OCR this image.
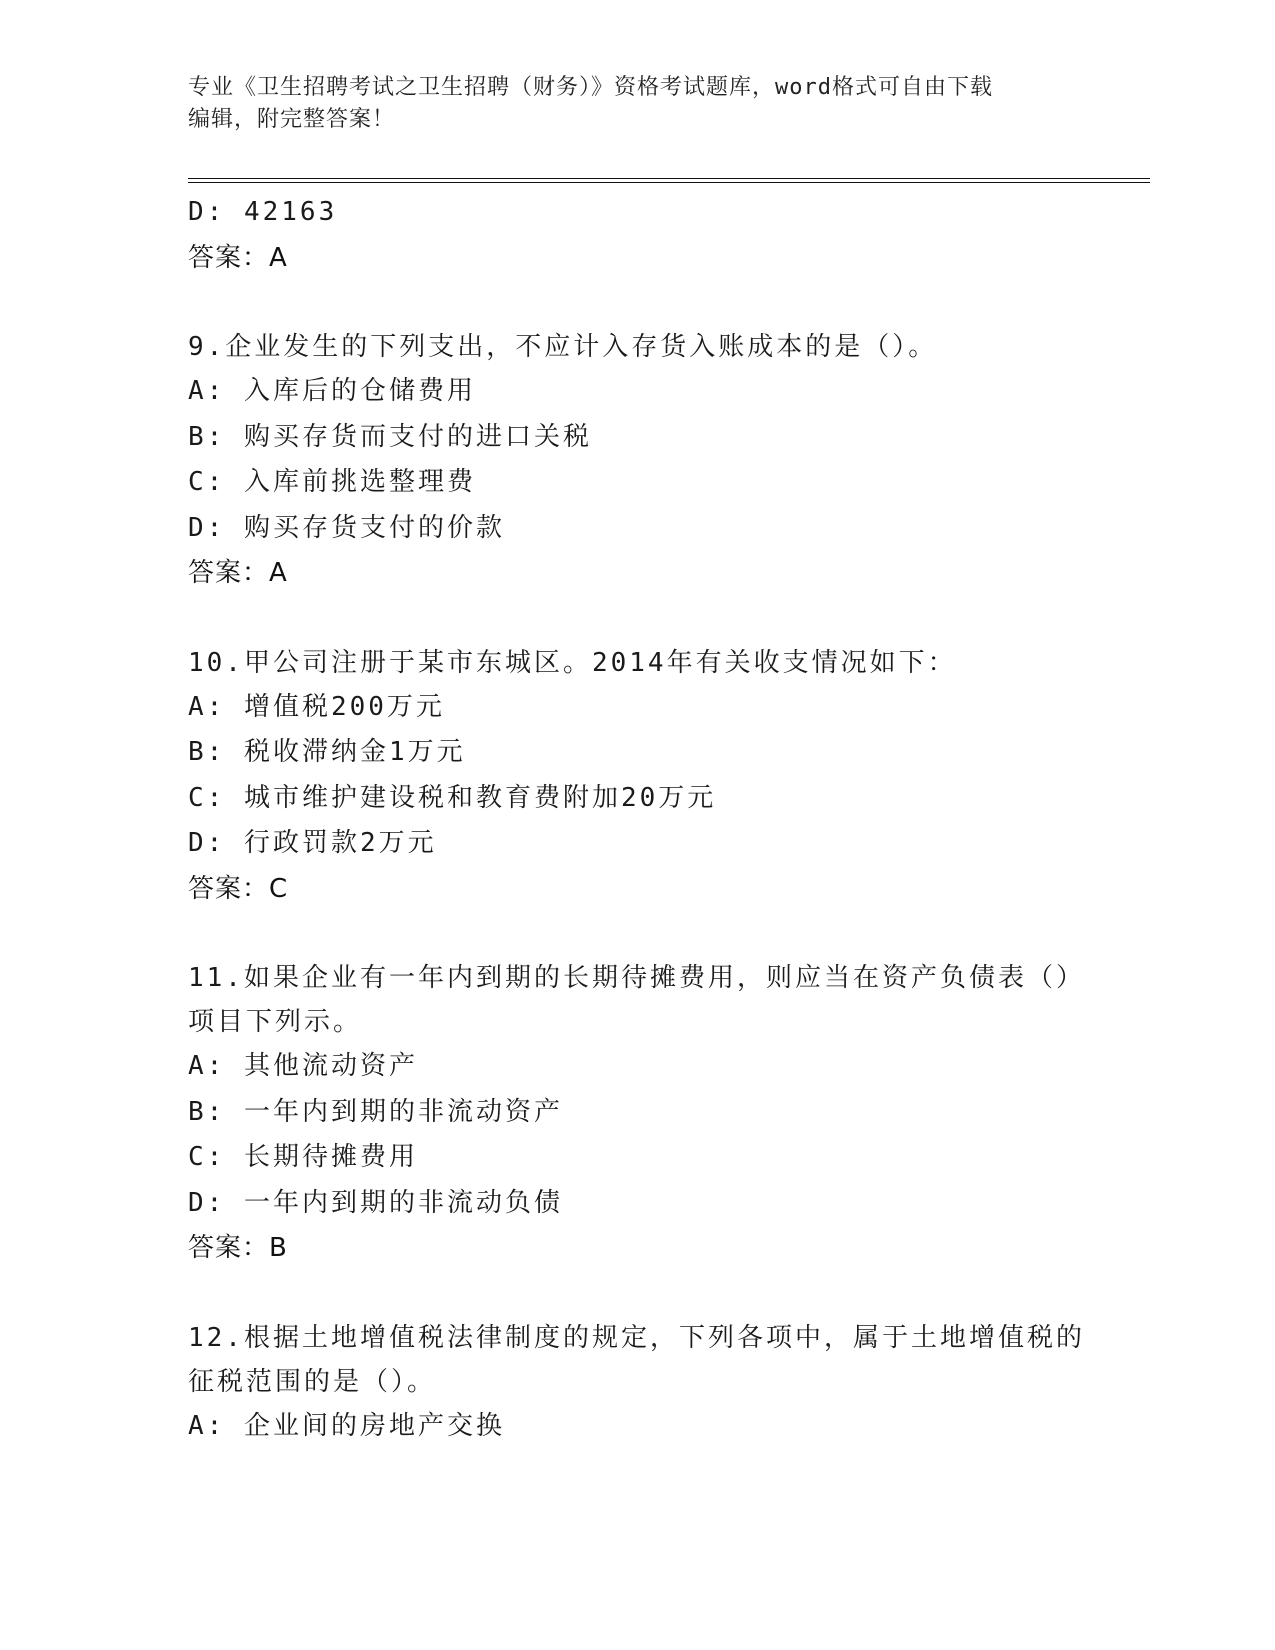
专业《卫生招聘考试之卫生招聘（财务）》资格考试题库，word格式可自由下载
编辑，附完整答案！
D: 42163
答案：A
9.企业发生的下列支出，不应计入存货入账成本的是（）。
A: 入库后的仓储费用
B: 购买存货而支付的进口关税
C: 入库前挑选整理费
D: 购买存货支付的价款
答案：A
10.甲公司注册于某市东城区。2014年有关收支情况如下：
A: 增值税200万元
B: 税收滞纳金1万元
C: 城市维护建设税和教育费附加20万元
D: 行政罚款2万元
答案：C
11.如果企业有一年内到期的长期待摊费用，则应当在资产负债表（）项目下列示。
A: 其他流动资产
B: 一年内到期的非流动资产
C: 长期待摊费用
D: 一年内到期的非流动负债
答案：B
12.根据土地增值税法律制度的规定，下列各项中，属于土地增值税的征税范围的是（）。
A: 企业间的房地产交换
